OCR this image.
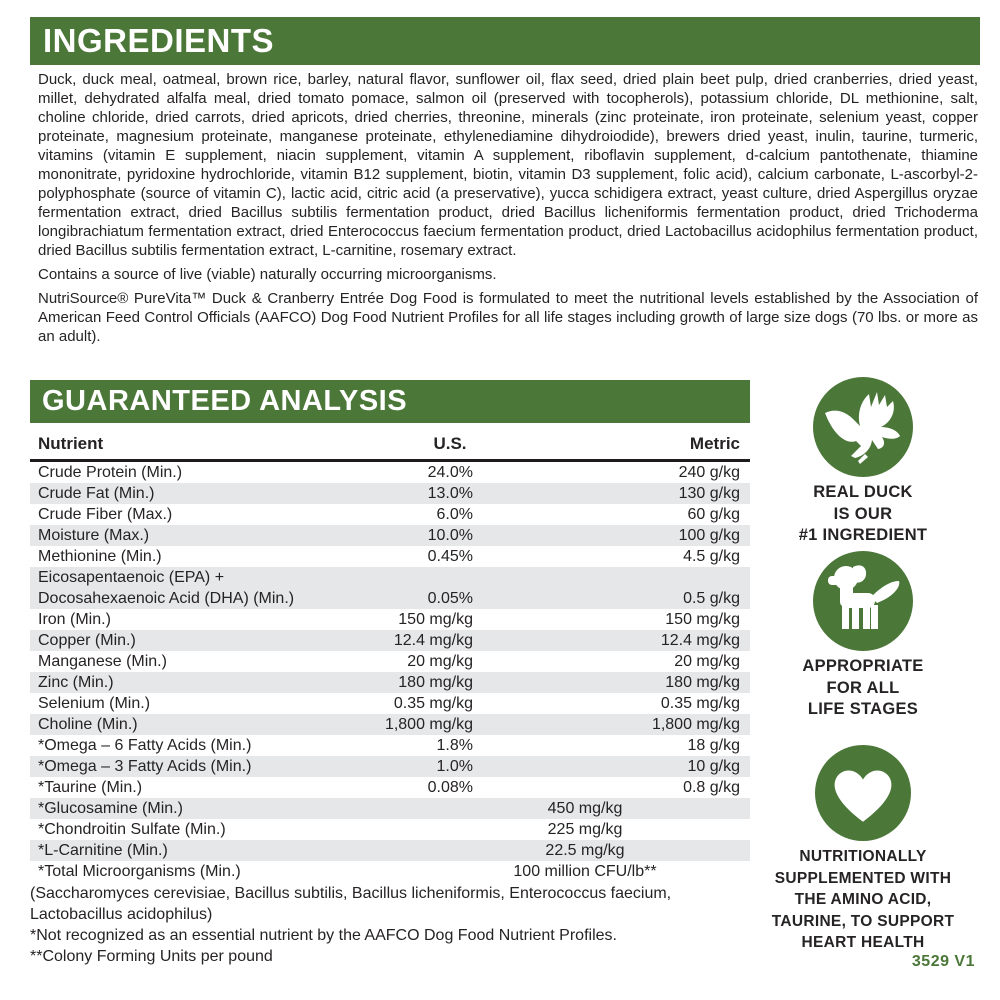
INGREDIENTS

Duck, duck meal, oatmeal, brown rice, barley, natural flavor, sunflower oil, flax seed, dried plain beet pulp, dried cranberries, dried yeast, millet, dehydrated alfalfa meal, dried tomato pomace, salmon oil (preserved with tocopherols), potassium chloride, DL methionine, salt, choline chloride, dried carrots, dried apricots, dried cherries, threonine, minerals (zinc proteinate, iron proteinate, selenium yeast, copper proteinate, magnesium proteinate, manganese proteinate, ethylenediamine dihydroiodide), brewers dried yeast, inulin, taurine, turmeric, vitamins (vitamin E supplement, niacin supplement, vitamin A supplement, riboflavin supplement, d-calcium pantothenate, thiamine mononitrate, pyridoxine hydrochloride, vitamin B12 supplement, biotin, vitamin D3 supplement, folic acid), calcium carbonate, L-ascorbyl-2-polyphosphate (source of vitamin C), lactic acid, citric acid (a preservative), yucca schidigera extract, yeast culture, dried Aspergillus oryzae fermentation extract, dried Bacillus subtilis fermentation product, dried Bacillus licheniformis fermentation product, dried Trichoderma longibrachiatum fermentation extract, dried Enterococcus faecium fermentation product, dried Lactobacillus acidophilus fermentation product, dried Bacillus subtilis fermentation extract, L-carnitine, rosemary extract.

Contains a source of live (viable) naturally occurring microorganisms.

NutriSource® PureVita™ Duck & Cranberry Entrée Dog Food is formulated to meet the nutritional levels established by the Association of American Feed Control Officials (AAFCO) Dog Food Nutrient Profiles for all life stages including growth of large size dogs (70 lbs. or more as an adult).

GUARANTEED ANALYSIS
Nutrient	U.S.	Metric
Crude Protein (Min.)	24.0%	240 g/kg
Crude Fat (Min.)	13.0%	130 g/kg
Crude Fiber (Max.)	6.0%	60 g/kg
Moisture (Max.)	10.0%	100 g/kg
Methionine (Min.)	0.45%	4.5 g/kg
Eicosapentaenoic (EPA) +
Docosahexaenoic Acid (DHA) (Min.)	0.05%	0.5 g/kg
Iron (Min.)	150 mg/kg	150 mg/kg
Copper (Min.)	12.4 mg/kg	12.4 mg/kg
Manganese (Min.)	20 mg/kg	20 mg/kg
Zinc (Min.)	180 mg/kg	180 mg/kg
Selenium (Min.)	0.35 mg/kg	0.35 mg/kg
Choline (Min.)	1,800 mg/kg	1,800 mg/kg
*Omega – 6 Fatty Acids (Min.)	1.8%	18 g/kg
*Omega – 3 Fatty Acids (Min.)	1.0%	10 g/kg
*Taurine (Min.)	0.08%	0.8 g/kg
*Glucosamine (Min.)	450 mg/kg
*Chondroitin Sulfate (Min.)	225 mg/kg
*L-Carnitine (Min.)	22.5 mg/kg
*Total Microorganisms (Min.)	100 million CFU/lb**
(Saccharomyces cerevisiae, Bacillus subtilis, Bacillus licheniformis, Enterococcus faecium, Lactobacillus acidophilus)
*Not recognized as an essential nutrient by the AAFCO Dog Food Nutrient Profiles.
**Colony Forming Units per pound
REAL DUCK
IS OUR
#1 INGREDIENT
APPROPRIATE
FOR ALL
LIFE STAGES
NUTRITIONALLY
SUPPLEMENTED WITH
THE AMINO ACID,
TAURINE, TO SUPPORT
HEART HEALTH
3529 V1
